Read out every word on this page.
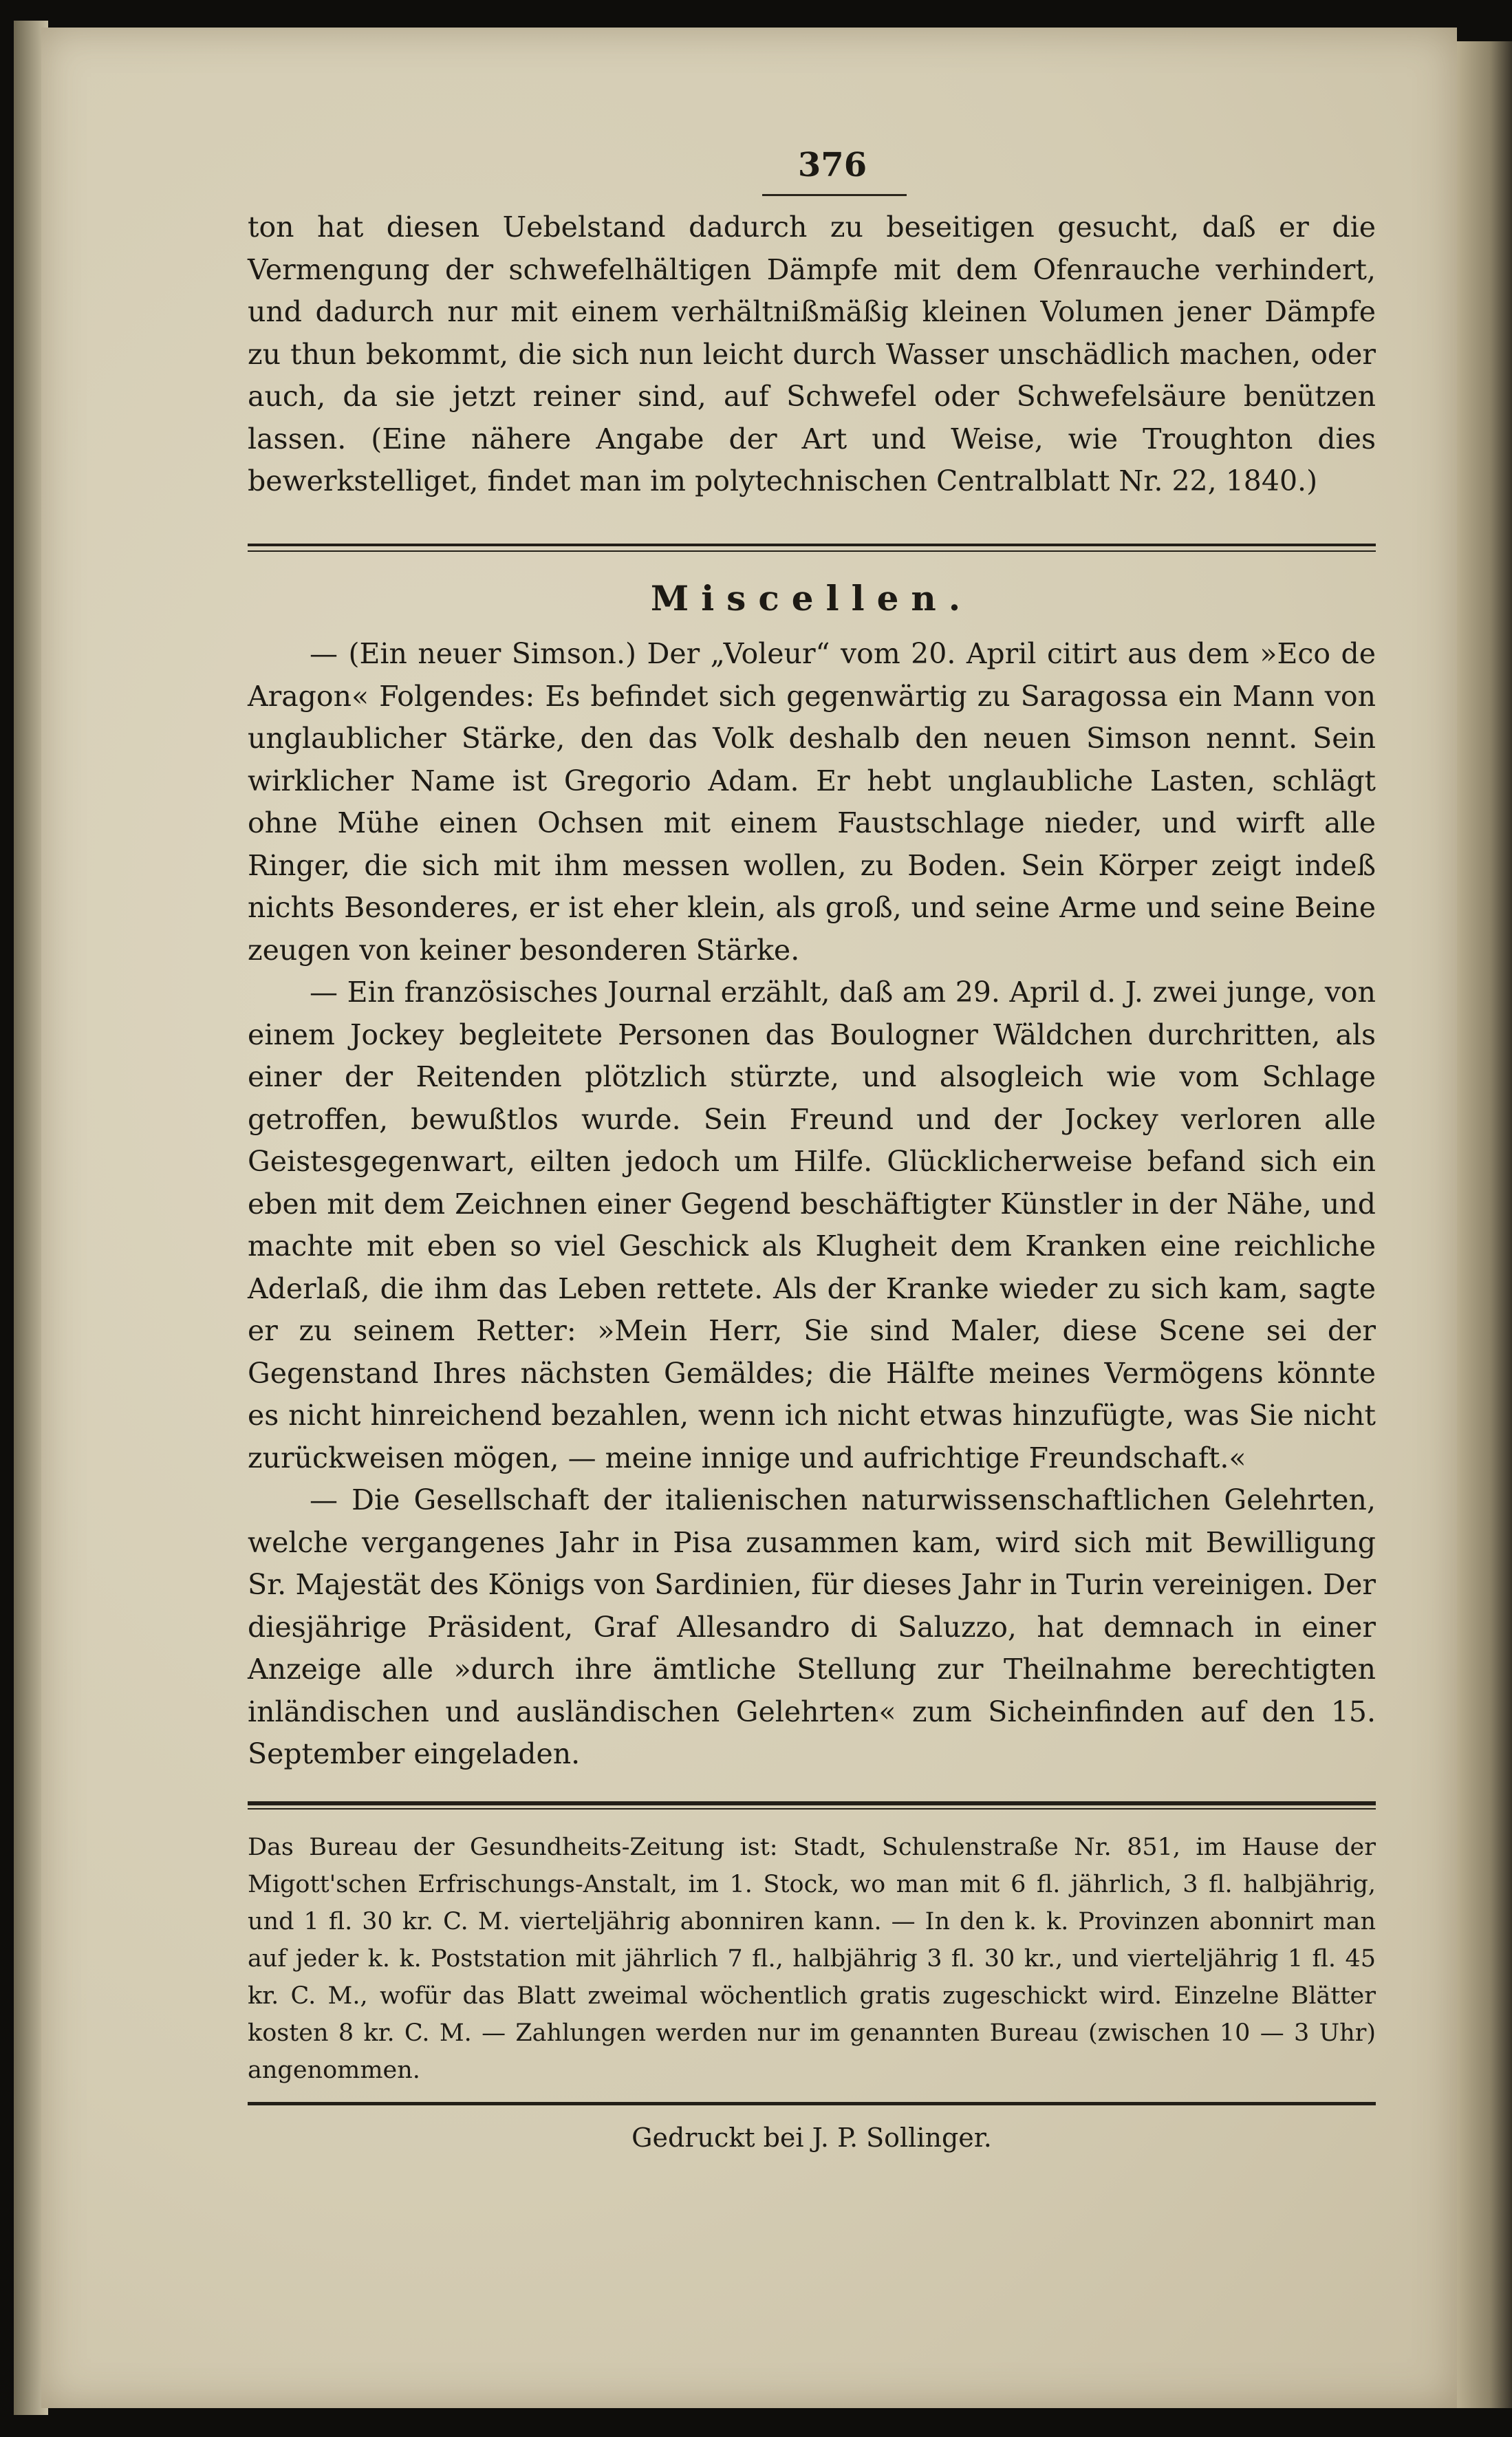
376

ton hat diesen Uebelstand dadurch zu beseitigen gesucht, daß er die Vermengung der schwefelhältigen Dämpfe mit dem Ofenrauche verhindert, und dadurch nur mit einem verhältnißmäßig kleinen Volumen jener Dämpfe zu thun bekommt, die sich nun leicht durch Wasser unschädlich machen, oder auch, da sie jetzt reiner sind, auf Schwefel oder Schwefelsäure benützen lassen. (Eine nähere Angabe der Art und Weise, wie Troughton dies bewerkstelliget, findet man im polytechnischen Centralblatt Nr. 22, 1840.)

Miscellen.

— (Ein neuer Simson.) Der „Voleur“ vom 20. April citirt aus dem »Eco de Aragon« Folgendes: Es befindet sich gegenwärtig zu Saragossa ein Mann von unglaublicher Stärke, den das Volk deshalb den neuen Simson nennt. Sein wirklicher Name ist Gregorio Adam. Er hebt unglaubliche Lasten, schlägt ohne Mühe einen Ochsen mit einem Faustschlage nieder, und wirft alle Ringer, die sich mit ihm messen wollen, zu Boden. Sein Körper zeigt indeß nichts Besonderes, er ist eher klein, als groß, und seine Arme und seine Beine zeugen von keiner besonderen Stärke.

— Ein französisches Journal erzählt, daß am 29. April d. J. zwei junge, von einem Jockey begleitete Personen das Boulogner Wäldchen durchritten, als einer der Reitenden plötzlich stürzte, und alsogleich wie vom Schlage getroffen, bewußtlos wurde. Sein Freund und der Jockey verloren alle Geistesgegenwart, eilten jedoch um Hilfe. Glücklicherweise befand sich ein eben mit dem Zeichnen einer Gegend beschäftigter Künstler in der Nähe, und machte mit eben so viel Geschick als Klugheit dem Kranken eine reichliche Aderlaß, die ihm das Leben rettete. Als der Kranke wieder zu sich kam, sagte er zu seinem Retter: »Mein Herr, Sie sind Maler, diese Scene sei der Gegenstand Ihres nächsten Gemäldes; die Hälfte meines Vermögens könnte es nicht hinreichend bezahlen, wenn ich nicht etwas hinzufügte, was Sie nicht zurückweisen mögen, — meine innige und aufrichtige Freundschaft.«

— Die Gesellschaft der italienischen naturwissenschaftlichen Gelehrten, welche vergangenes Jahr in Pisa zusammen kam, wird sich mit Bewilligung Sr. Majestät des Königs von Sardinien, für dieses Jahr in Turin vereinigen. Der diesjährige Präsident, Graf Allesandro di Saluzzo, hat demnach in einer Anzeige alle »durch ihre ämtliche Stellung zur Theilnahme berechtigten inländischen und ausländischen Gelehrten« zum Sicheinfinden auf den 15. September eingeladen.

Das Bureau der Gesundheits-Zeitung ist: Stadt, Schulenstraße Nr. 851, im Hause der Migott'schen Erfrischungs-Anstalt, im 1. Stock, wo man mit 6 fl. jährlich, 3 fl. halbjährig, und 1 fl. 30 kr. C. M. vierteljährig abonniren kann. — In den k. k. Provinzen abonnirt man auf jeder k. k. Poststation mit jährlich 7 fl., halbjährig 3 fl. 30 kr., und vierteljährig 1 fl. 45 kr. C. M., wofür das Blatt zweimal wöchentlich gratis zugeschickt wird. Einzelne Blätter kosten 8 kr. C. M. — Zahlungen werden nur im genannten Bureau (zwischen 10 — 3 Uhr) angenommen.
Gedruckt bei J. P. Sollinger.
